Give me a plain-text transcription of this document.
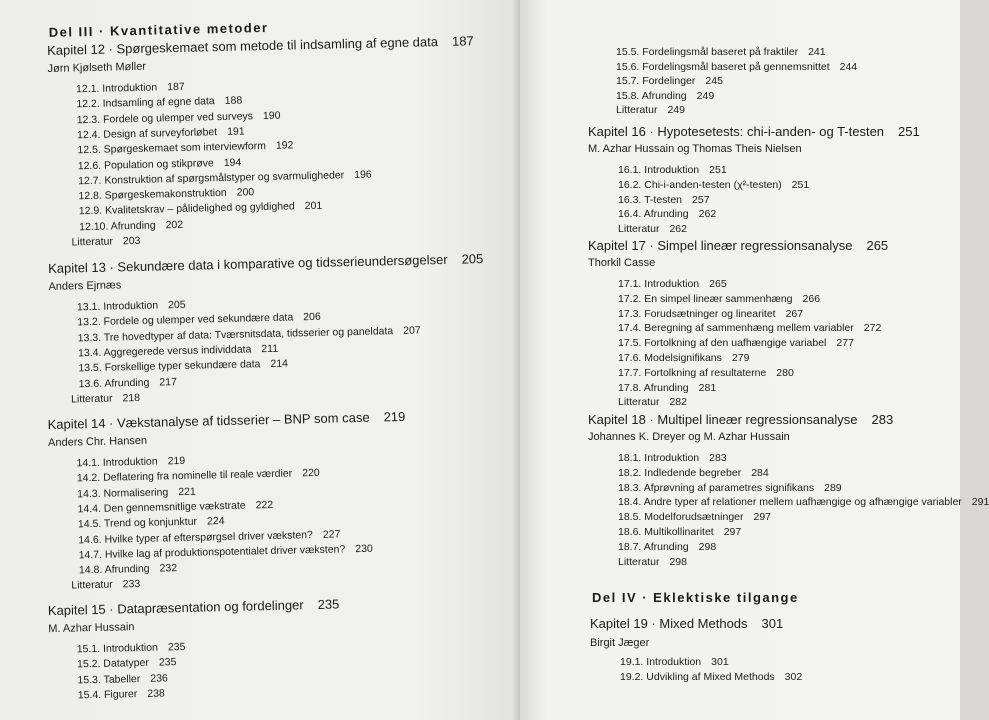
Del III · Kvantitative metoder
Kapitel 12 · Spørgeskemaet som metode til indsamling af egne data 187
Jørn Kjølseth Møller
12.1. Introduktion 187
12.2. Indsamling af egne data 188
12.3. Fordele og ulemper ved surveys 190
12.4. Design af surveyforløbet 191
12.5. Spørgeskemaet som interviewform 192
12.6. Population og stikprøve 194
12.7. Konstruktion af spørgsmålstyper og svarmuligheder 196
12.8. Spørgeskemakonstruktion 200
12.9. Kvalitetskrav – pålidelighed og gyldighed 201
12.10. Afrunding 202
Litteratur 203
Kapitel 13 · Sekundære data i komparative og tidsserieundersøgelser 205
Anders Ejrnæs
13.1. Introduktion 205
13.2. Fordele og ulemper ved sekundære data 206
13.3. Tre hovedtyper af data: Tværsnitsdata, tidsserier og paneldata 207
13.4. Aggregerede versus individdata 211
13.5. Forskellige typer sekundære data 214
13.6. Afrunding 217
Litteratur 218
Kapitel 14 · Vækstanalyse af tidsserier – BNP som case 219
Anders Chr. Hansen
14.1. Introduktion 219
14.2. Deflatering fra nominelle til reale værdier 220
14.3. Normalisering 221
14.4. Den gennemsnitlige vækstrate 222
14.5. Trend og konjunktur 224
14.6. Hvilke typer af efterspørgsel driver væksten? 227
14.7. Hvilke lag af produktionspotentialet driver væksten? 230
14.8. Afrunding 232
Litteratur 233
Kapitel 15 · Datapræsentation og fordelinger 235
M. Azhar Hussain
15.1. Introduktion 235
15.2. Datatyper 235
15.3. Tabeller 236
15.4. Figurer 238
15.5. Fordelingsmål baseret på fraktiler 241
15.6. Fordelingsmål baseret på gennemsnittet 244
15.7. Fordelinger 245
15.8. Afrunding 249
Litteratur 249
Kapitel 16 · Hypotesetests: chi-i-anden- og T-testen 251
M. Azhar Hussain og Thomas Theis Nielsen
16.1. Introduktion 251
16.2. Chi-i-anden-testen (χ²-testen) 251
16.3. T-testen 257
16.4. Afrunding 262
Litteratur 262
Kapitel 17 · Simpel lineær regressionsanalyse 265
Thorkil Casse
17.1. Introduktion 265
17.2. En simpel lineær sammenhæng 266
17.3. Forudsætninger og linearitet 267
17.4. Beregning af sammenhæng mellem variabler 272
17.5. Fortolkning af den uafhængige variabel 277
17.6. Modelsignifikans 279
17.7. Fortolkning af resultaterne 280
17.8. Afrunding 281
Litteratur 282
Kapitel 18 · Multipel lineær regressionsanalyse 283
Johannes K. Dreyer og M. Azhar Hussain
18.1. Introduktion 283
18.2. Indledende begreber 284
18.3. Afprøvning af parametres signifikans 289
18.4. Andre typer af relationer mellem uafhængige og afhængige variabler 291
18.5. Modelforudsætninger 297
18.6. Multikollinaritet 297
18.7. Afrunding 298
Litteratur 298
Del IV · Eklektiske tilgange
Kapitel 19 · Mixed Methods 301
Birgit Jæger
19.1. Introduktion 301
19.2. Udvikling af Mixed Methods 302
